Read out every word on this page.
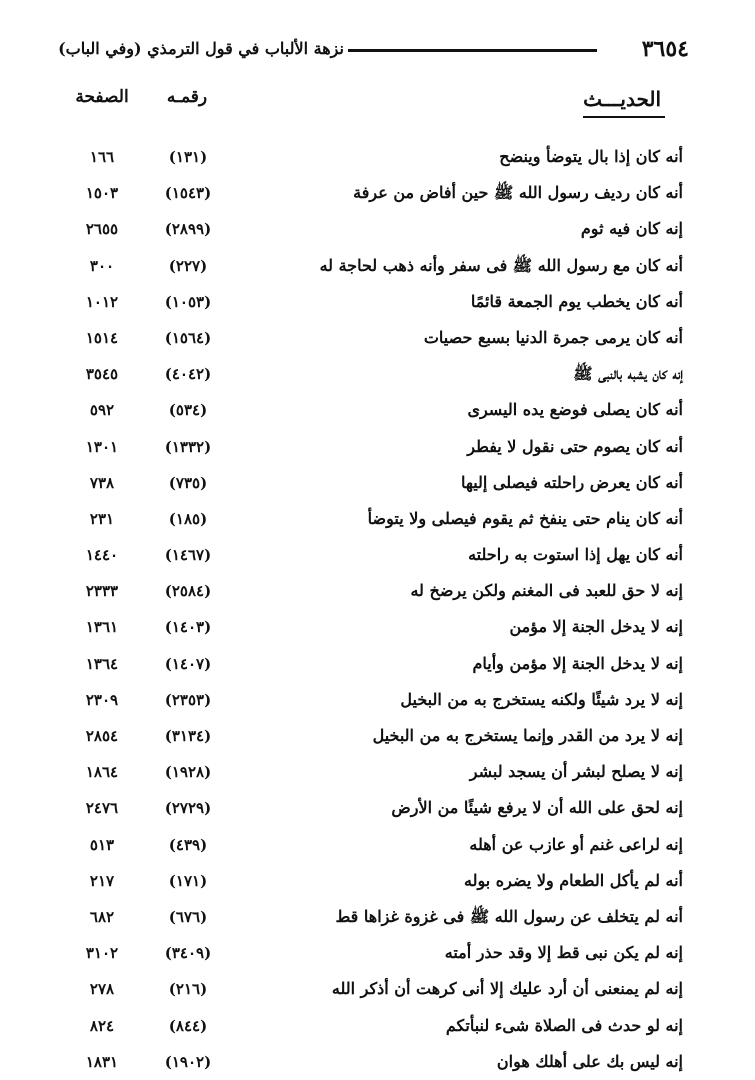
٣٦٥٤
نزهة الألباب في قول الترمذي (وفي الباب)
الحديـــث
رقمـه
الصفحة
أنه كان إذا بال يتوضأ وينضح
(١٣١)
١٦٦
أنه كان رديف رسول الله ﷺ حين أفاض من عرفة
(١٥٤٣)
١٥٠٣
إنه كان فيه ثوم
(٢٨٩٩)
٢٦٥٥
أنه كان مع رسول الله ﷺ فى سفر وأنه ذهب لحاجة له
(٢٢٧)
٣٠٠
أنه كان يخطب يوم الجمعة قائمًا
(١٠٥٣)
١٠١٢
أنه كان يرمى جمرة الدنيا بسبع حصيات
(١٥٦٤)
١٥١٤
إنه كان يشبه بالنبى ﷺ
(٤٠٤٢)
٣٥٤٥
أنه كان يصلى فوضع يده اليسرى
(٥٣٤)
٥٩٢
أنه كان يصوم حتى نقول لا يفطر
(١٣٣٢)
١٣٠١
أنه كان يعرض راحلته فيصلى إليها
(٧٣٥)
٧٣٨
أنه كان ينام حتى ينفخ ثم يقوم فيصلى ولا يتوضأ
(١٨٥)
٢٣١
أنه كان يهل إذا استوت به راحلته
(١٤٦٧)
١٤٤٠
إنه لا حق للعبد فى المغنم ولكن يرضخ له
(٢٥٨٤)
٢٣٣٣
إنه لا يدخل الجنة إلا مؤمن
(١٤٠٣)
١٣٦١
إنه لا يدخل الجنة إلا مؤمن وأيام
(١٤٠٧)
١٣٦٤
إنه لا يرد شيئًا ولكنه يستخرج به من البخيل
(٢٣٥٣)
٢٣٠٩
إنه لا يرد من القدر وإنما يستخرج به من البخيل
(٣١٣٤)
٢٨٥٤
إنه لا يصلح لبشر أن يسجد لبشر
(١٩٢٨)
١٨٦٤
إنه لحق على الله أن لا يرفع شيئًا من الأرض
(٢٧٢٩)
٢٤٧٦
إنه لراعى غنم أو عازب عن أهله
(٤٣٩)
٥١٣
أنه لم يأكل الطعام ولا يضره بوله
(١٧١)
٢١٧
أنه لم يتخلف عن رسول الله ﷺ فى غزوة غزاها قط
(٦٧٦)
٦٨٢
إنه لم يكن نبى قط إلا وقد حذر أمته
(٣٤٠٩)
٣١٠٢
إنه لم يمنعنى أن أرد عليك إلا أنى كرهت أن أذكر الله
(٢١٦)
٢٧٨
إنه لو حدث فى الصلاة شىء لنبأتكم
(٨٤٤)
٨٢٤
إنه ليس بك على أهلك هوان
(١٩٠٢)
١٨٣١
